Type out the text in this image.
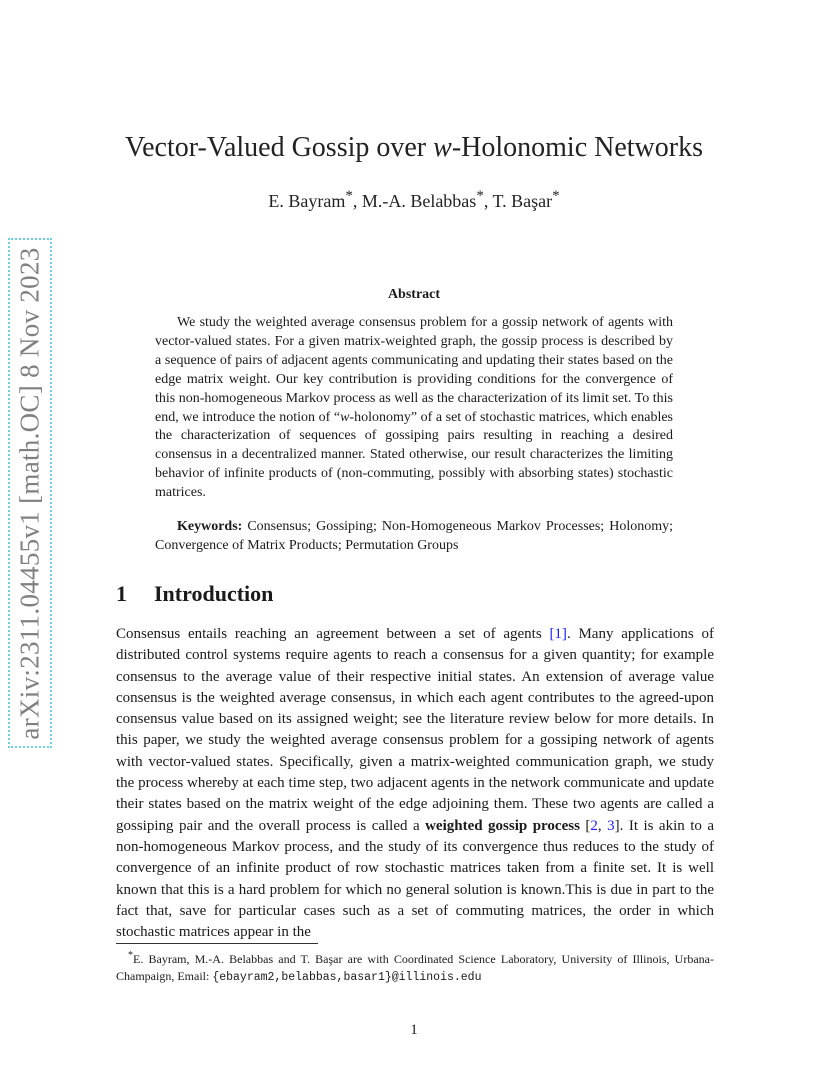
arXiv:2311.04455v1 [math.OC] 8 Nov 2023
Vector-Valued Gossip over w-Holonomic Networks
E. Bayram*, M.-A. Belabbas*, T. Başar*
Abstract

We study the weighted average consensus problem for a gossip network of agents with vector-valued states. For a given matrix-weighted graph, the gossip process is described by a sequence of pairs of adjacent agents communicating and updating their states based on the edge matrix weight. Our key contribution is providing conditions for the convergence of this non-homogeneous Markov process as well as the characterization of its limit set. To this end, we introduce the notion of “w-holonomy” of a set of stochastic matrices, which enables the characterization of sequences of gossiping pairs resulting in reaching a desired consensus in a decentralized manner. Stated otherwise, our result characterizes the limiting behavior of infinite products of (non-commuting, possibly with absorbing states) stochastic matrices.

Keywords: Consensus; Gossiping; Non-Homogeneous Markov Processes; Holonomy; Convergence of Matrix Products; Permutation Groups

1 Introduction

Consensus entails reaching an agreement between a set of agents [1]. Many applications of distributed control systems require agents to reach a consensus for a given quantity; for example consensus to the average value of their respective initial states. An extension of average value consensus is the weighted average consensus, in which each agent contributes to the agreed-upon consensus value based on its assigned weight; see the literature review below for more details. In this paper, we study the weighted average consensus problem for a gossiping network of agents with vector-valued states. Specifically, given a matrix-weighted communication graph, we study the process whereby at each time step, two adjacent agents in the network communicate and update their states based on the matrix weight of the edge adjoining them. These two agents are called a gossiping pair and the overall process is called a weighted gossip process [2, 3]. It is akin to a non-homogeneous Markov process, and the study of its convergence thus reduces to the study of convergence of an infinite product of row stochastic matrices taken from a finite set. It is well known that this is a hard problem for which no general solution is known.This is due in part to the fact that, save for particular cases such as a set of commuting matrices, the order in which stochastic matrices appear in the

*E. Bayram, M.-A. Belabbas and T. Başar are with Coordinated Science Laboratory, University of Illinois, Urbana-Champaign, Email: {ebayram2,belabbas,basar1}@illinois.edu

1
